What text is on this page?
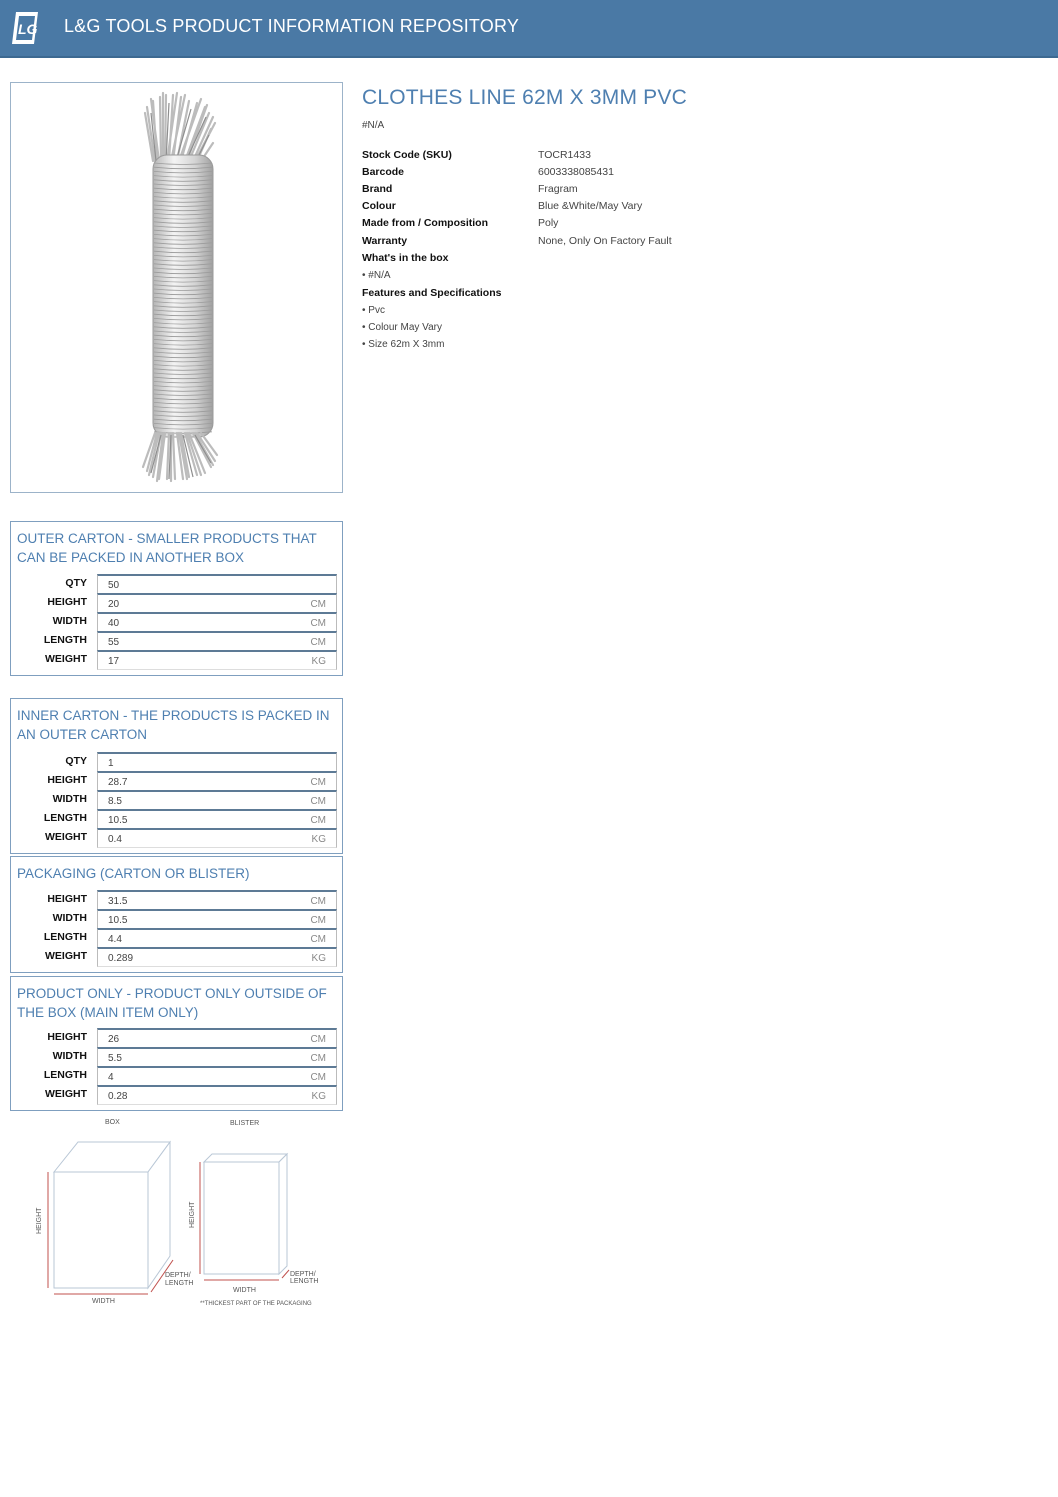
LG L&G TOOLS PRODUCT INFORMATION REPOSITORY
CLOTHES LINE 62M X 3MM PVC
#N/A
Stock Code (SKU)	TOCR1433
Barcode	6003338085431
Brand	Fragram
Colour	Blue &White/May Vary
Made from / Composition	Poly
Warranty	None, Only On Factory Fault
What's in the box
• #N/A
Features and Specifications
• Pvc
• Colour May Vary
• Size 62m X 3mm
OUTER CARTON - SMALLER PRODUCTS THAT CAN BE PACKED IN ANOTHER BOX
QTY 50
HEIGHT 20	CM
WIDTH 40	CM
LENGTH 55	CM
WEIGHT 17	KG
INNER CARTON - THE PRODUCTS IS PACKED IN AN OUTER CARTON
QTY 1
HEIGHT 28.7	CM
WIDTH 8.5	CM
LENGTH 10.5	CM
WEIGHT 0.4	KG
PACKAGING (CARTON OR BLISTER)
HEIGHT 31.5	CM
WIDTH 10.5	CM
LENGTH 4.4	CM
WEIGHT 0.289	KG
PRODUCT ONLY - PRODUCT ONLY OUTSIDE OF THE BOX (MAIN ITEM ONLY)
HEIGHT 26	CM
WIDTH 5.5	CM
LENGTH 4	CM
WEIGHT 0.28	KG
BOX	BLISTER
HEIGHT
WIDTH
DEPTH/
LENGTH
HEIGHT
WIDTH
DEPTH/
LENGTH
**THICKEST PART OF THE PACKAGING
